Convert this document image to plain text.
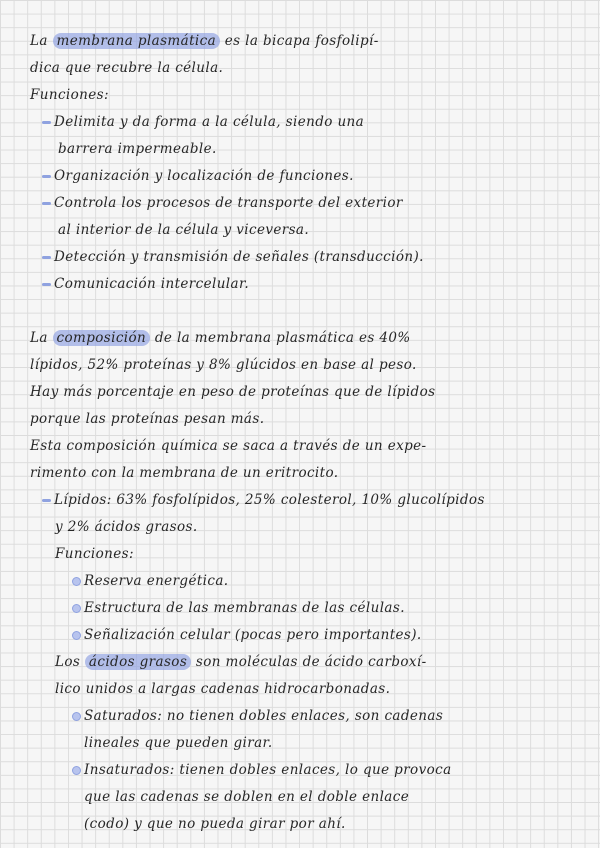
La membrana plasmática es la bicapa fosfolipí-
dica que recubre la célula.
Funciones:
Delimita y da forma a la célula, siendo una
barrera impermeable.
Organización y localización de funciones.
Controla los procesos de transporte del exterior
al interior de la célula y viceversa.
Detección y transmisión de señales (transducción).
Comunicación intercelular.
La composición de la membrana plasmática es 40%
lípidos, 52% proteínas y 8% glúcidos en base al peso.
Hay más porcentaje en peso de proteínas que de lípidos
porque las proteínas pesan más.
Esta composición química se saca a través de un expe-
rimento con la membrana de un eritrocito.
Lípidos: 63% fosfolípidos, 25% colesterol, 10% glucolípidos
y 2% ácidos grasos.
Funciones:
Reserva energética.
Estructura de las membranas de las células.
Señalización celular (pocas pero importantes).
Los ácidos grasos son moléculas de ácido carboxí-
lico unidos a largas cadenas hidrocarbonadas.
Saturados: no tienen dobles enlaces, son cadenas
lineales que pueden girar.
Insaturados: tienen dobles enlaces, lo que provoca
que las cadenas se doblen en el doble enlace
(codo) y que no pueda girar por ahí.
